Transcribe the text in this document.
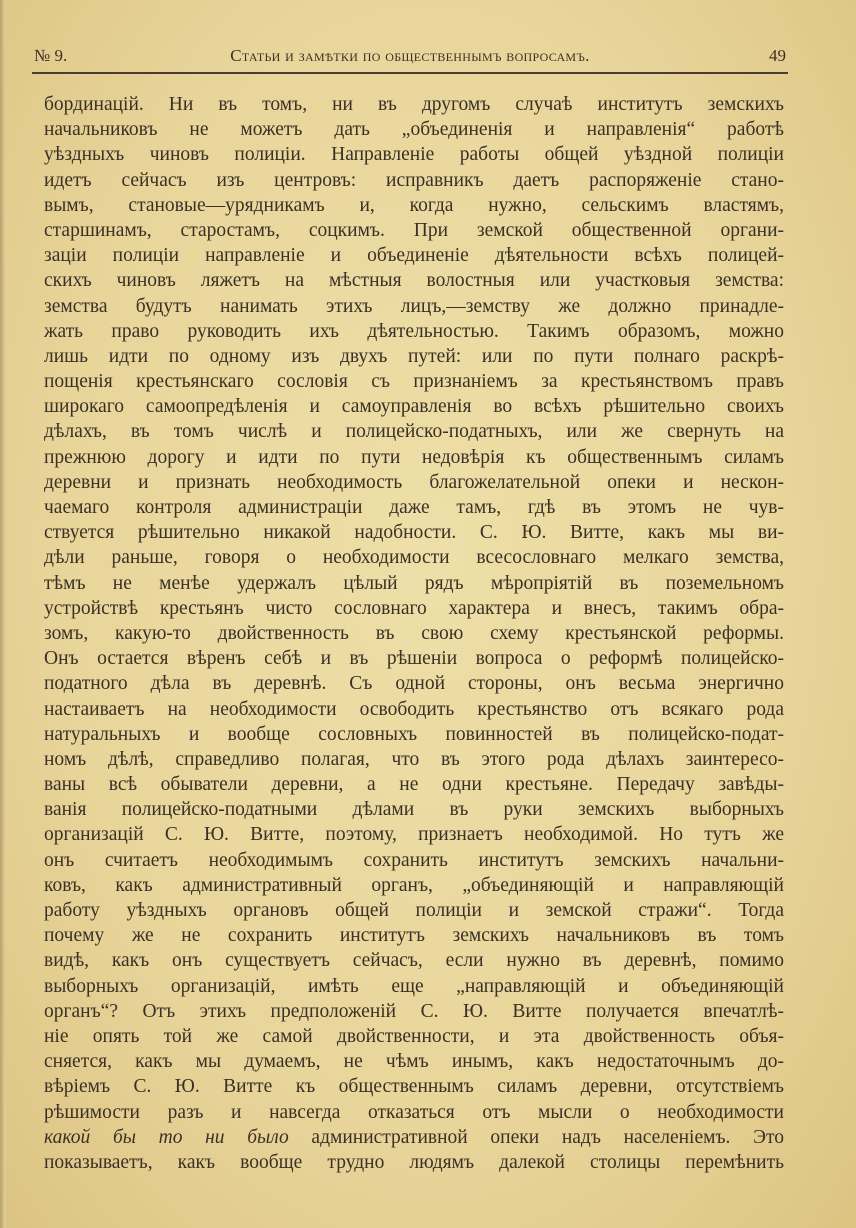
№ 9.	Статьи и замѣтки по общественнымъ вопросамъ.	49
бординацій. Ни въ томъ, ни въ другомъ случаѣ институтъ земскихъ
начальниковъ не можетъ дать „объединенія и направленія“ работѣ
уѣздныхъ чиновъ полиціи. Направленіе работы общей уѣздной полиціи
идетъ сейчасъ изъ центровъ: исправникъ даетъ распоряженіе стано-
вымъ, становые—урядникамъ и, когда нужно, сельскимъ властямъ,
старшинамъ, старостамъ, соцкимъ. При земской общественной органи-
заціи полиціи направленіе и объединеніе дѣятельности всѣхъ полицей-
скихъ чиновъ ляжетъ на мѣстныя волостныя или участковыя земства:
земства будутъ нанимать этихъ лицъ,—земству же должно принадле-
жать право руководить ихъ дѣятельностью. Такимъ образомъ, можно
лишь идти по одному изъ двухъ путей: или по пути полнаго раскрѣ-
пощенія крестьянскаго сословія съ признаніемъ за крестьянствомъ правъ
широкаго самоопредѣленія и самоуправленія во всѣхъ рѣшительно своихъ
дѣлахъ, въ томъ числѣ и полицейско-податныхъ, или же свернуть на
прежнюю дорогу и идти по пути недовѣрія къ общественнымъ силамъ
деревни и признать необходимость благожелательной опеки и нескон-
чаемаго контроля администраціи даже тамъ, гдѣ въ этомъ не чув-
ствуется рѣшительно никакой надобности. С. Ю. Витте, какъ мы ви-
дѣли раньше, говоря о необходимости всесословнаго мелкаго земства,
тѣмъ не менѣе удержалъ цѣлый рядъ мѣропріятій въ поземельномъ
устройствѣ крестьянъ чисто сословнаго характера и внесъ, такимъ обра-
зомъ, какую-то двойственность въ свою схему крестьянской реформы.
Онъ остается вѣренъ себѣ и въ рѣшеніи вопроса о реформѣ полицейско-
податного дѣла въ деревнѣ. Съ одной стороны, онъ весьма энергично
настаиваетъ на необходимости освободить крестьянство отъ всякаго рода
натуральныхъ и вообще сословныхъ повинностей въ полицейско-подат-
номъ дѣлѣ, справедливо полагая, что въ этого рода дѣлахъ заинтересо-
ваны всѣ обыватели деревни, а не одни крестьяне. Передачу завѣды-
ванія полицейско-податными дѣлами въ руки земскихъ выборныхъ
организацій С. Ю. Витте, поэтому, признаетъ необходимой. Но тутъ же
онъ считаетъ необходимымъ сохранить институтъ земскихъ начальни-
ковъ, какъ административный органъ, „объединяющій и направляющій
работу уѣздныхъ органовъ общей полиціи и земской стражи“. Тогда
почему же не сохранить институтъ земскихъ начальниковъ въ томъ
видѣ, какъ онъ существуетъ сейчасъ, если нужно въ деревнѣ, помимо
выборныхъ организацій, имѣть еще „направляющій и объединяющій
органъ“? Отъ этихъ предположеній С. Ю. Витте получается впечатлѣ-
ніе опять той же самой двойственности, и эта двойственность объя-
сняется, какъ мы думаемъ, не чѣмъ инымъ, какъ недостаточнымъ до-
вѣріемъ С. Ю. Витте къ общественнымъ силамъ деревни, отсутствіемъ
рѣшимости разъ и навсегда отказаться отъ мысли о необходимости
какой бы то ни было административной опеки надъ населеніемъ. Это
показываетъ, какъ вообще трудно людямъ далекой столицы перемѣнить
